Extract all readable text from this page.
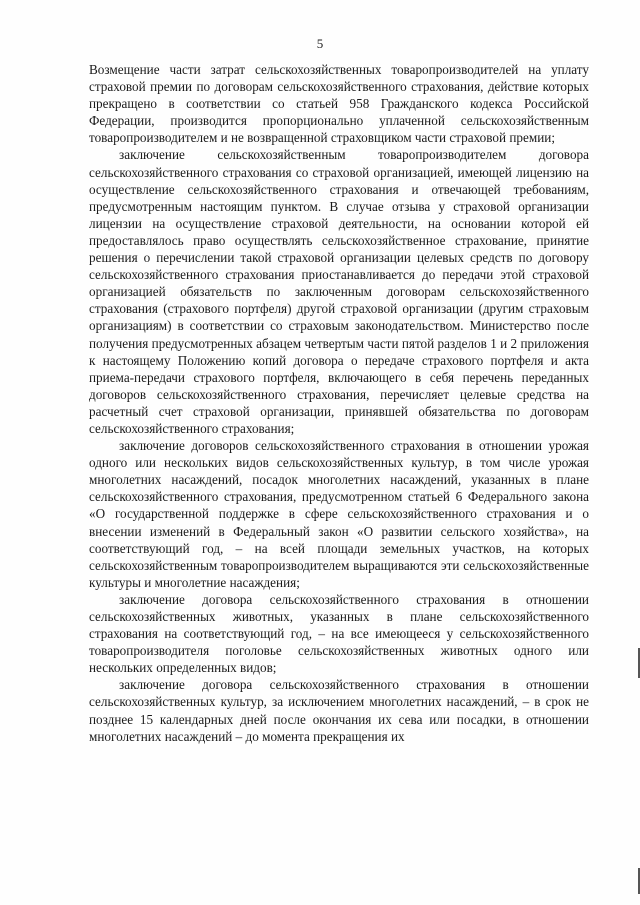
5

Возмещение части затрат сельскохозяйственных товаропроизводителей на уплату страховой премии по договорам сельскохозяйственного страхования, действие которых прекращено в соответствии со статьей 958 Гражданского кодекса Российской Федерации, производится пропорционально уплаченной сельскохозяйственным товаропроизводителем и не возвращенной страховщиком части страховой премии;

заключение сельскохозяйственным товаропроизводителем договора сельскохозяйственного страхования со страховой организацией, имеющей лицензию на осуществление сельскохозяйственного страхования и отвечающей требованиям, предусмотренным настоящим пунктом. В случае отзыва у страховой организации лицензии на осуществление страховой деятельности, на основании которой ей предоставлялось право осуществлять сельскохозяйственное страхование, принятие решения о перечислении такой страховой организации целевых средств по договору сельскохозяйственного страхования приостанавливается до передачи этой страховой организацией обязательств по заключенным договорам сельскохозяйственного страхования (страхового портфеля) другой страховой организации (другим страховым организациям) в соответствии со страховым законодательством. Министерство после получения предусмотренных абзацем четвертым части пятой разделов 1 и 2 приложения к настоящему Положению копий договора о передаче страхового портфеля и акта приема-передачи страхового портфеля, включающего в себя перечень переданных договоров сельскохозяйственного страхования, перечисляет целевые средства на расчетный счет страховой организации, принявшей обязательства по договорам сельскохозяйственного страхования;

заключение договоров сельскохозяйственного страхования в отношении урожая одного или нескольких видов сельскохозяйственных культур, в том числе урожая многолетних насаждений, посадок многолетних насаждений, указанных в плане сельскохозяйственного страхования, предусмотренном статьей 6 Федерального закона «О государственной поддержке в сфере сельскохозяйственного страхования и о внесении изменений в Федеральный закон «О развитии сельского хозяйства», на соответствующий год, – на всей площади земельных участков, на которых сельскохозяйственным товаропроизводителем выращиваются эти сельскохозяйственные культуры и многолетние насаждения;

заключение договора сельскохозяйственного страхования в отношении сельскохозяйственных животных, указанных в плане сельскохозяйственного страхования на соответствующий год, – на все имеющееся у сельскохозяйственного товаропроизводителя поголовье сельскохозяйственных животных одного или нескольких определенных видов;

заключение договора сельскохозяйственного страхования в отношении сельскохозяйственных культур, за исключением многолетних насаждений, – в срок не позднее 15 календарных дней после окончания их сева или посадки, в отношении многолетних насаждений – до момента прекращения их
